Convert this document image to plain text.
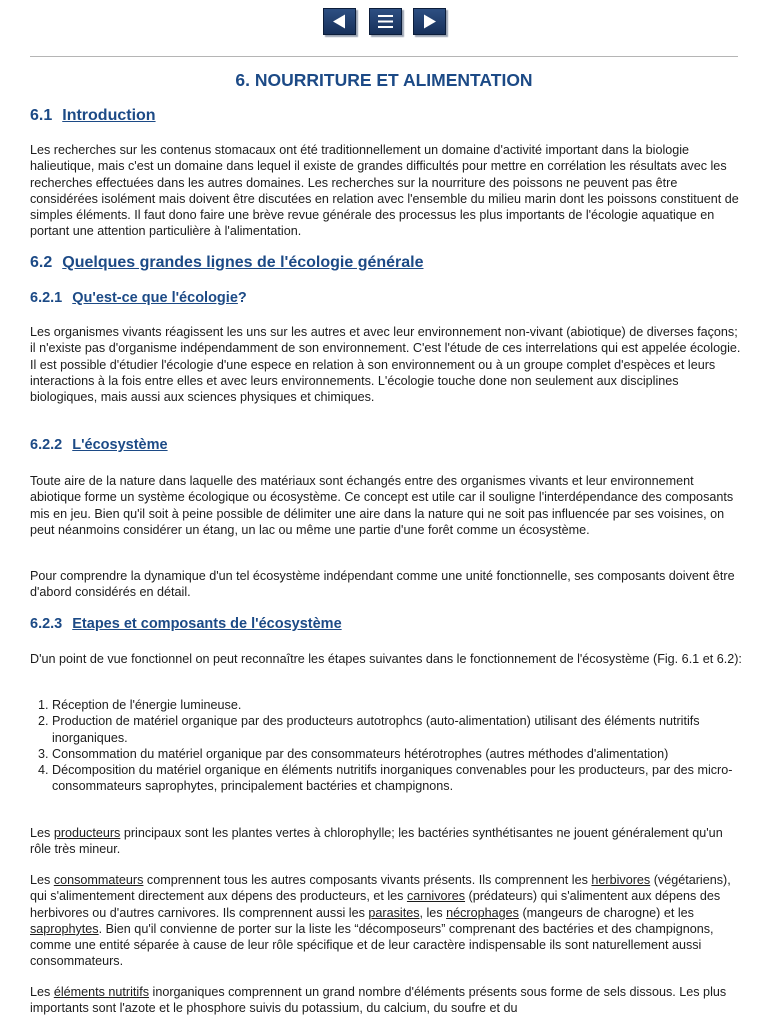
6. NOURRITURE ET ALIMENTATION
6.1 Introduction

Les recherches sur les contenus stomacaux ont été traditionnellement un domaine d'activité important dans la biologie halieutique, mais c'est un domaine dans lequel il existe de grandes difficultés pour mettre en corrélation les résultats avec les recherches effectuées dans les autres domaines. Les recherches sur la nourriture des poissons ne peuvent pas être considérées isolément mais doivent être discutées en relation avec l'ensemble du milieu marin dont les poissons constituent de simples éléments. Il faut dono faire une brève revue générale des processus les plus importants de l'écologie aquatique en portant une attention particulière à l'alimentation.

6.2 Quelques grandes lignes de l'écologie générale
6.2.1 Qu'est-ce que l'écologie?

Les organismes vivants réagissent les uns sur les autres et avec leur environnement non-vivant (abiotique) de diverses façons; il n'existe pas d'organisme indépendamment de son environnement. C'est l'étude de ces interrelations qui est appelée écologie. Il est possible d'étudier l'écologie d'une espece en relation à son environnement ou à un groupe complet d'espèces et leurs interactions à la fois entre elles et avec leurs environnements. L'écologie touche done non seulement aux disciplines biologiques, mais aussi aux sciences physiques et chimiques.

6.2.2 L'écosystème

Toute aire de la nature dans laquelle des matériaux sont échangés entre des organismes vivants et leur environnement abiotique forme un système écologique ou écosystème. Ce concept est utile car il souligne l'interdépendance des composants mis en jeu. Bien qu'il soit à peine possible de délimiter une aire dans la nature qui ne soit pas influencée par ses voisines, on peut néanmoins considérer un étang, un lac ou même une partie d'une forêt comme un écosystème.

Pour comprendre la dynamique d'un tel écosystème indépendant comme une unité fonctionnelle, ses composants doivent être d'abord considérés en détail.

6.2.3 Etapes et composants de l'écosystème

D'un point de vue fonctionnel on peut reconnaître les étapes suivantes dans le fonctionnement de l'écosystème (Fig. 6.1 et 6.2):

1. Réception de l'énergie lumineuse.
2. Production de matériel organique par des producteurs autotrophcs (auto-alimentation) utilisant des éléments nutritifs inorganiques.
3. Consommation du matériel organique par des consommateurs hétérotrophes (autres méthodes d'alimentation)
4. Décomposition du matériel organique en éléments nutritifs inorganiques convenables pour les producteurs, par des micro-consommateurs saprophytes, principalement bactéries et champignons.

Les producteurs principaux sont les plantes vertes à chlorophylle; les bactéries synthétisantes ne jouent généralement qu'un rôle très mineur.

Les consommateurs comprennent tous les autres composants vivants présents. Ils comprennent les herbivores (végétariens), qui s'alimentement directement aux dépens des producteurs, et les carnivores (prédateurs) qui s'alimentent aux dépens des herbivores ou d'autres carnivores. Ils comprennent aussi les parasites, les nécrophages (mangeurs de charogne) et les saprophytes. Bien qu'il convienne de porter sur la liste les “décomposeurs” comprenant des bactéries et des champignons, comme une entité séparée à cause de leur rôle spécifique et de leur caractère indispensable ils sont naturellement aussi consommateurs.

Les éléments nutritifs inorganiques comprennent un grand nombre d'éléments présents sous forme de sels dissous. Les plus importants sont l'azote et le phosphore suivis du potassium, du calcium, du soufre et du
